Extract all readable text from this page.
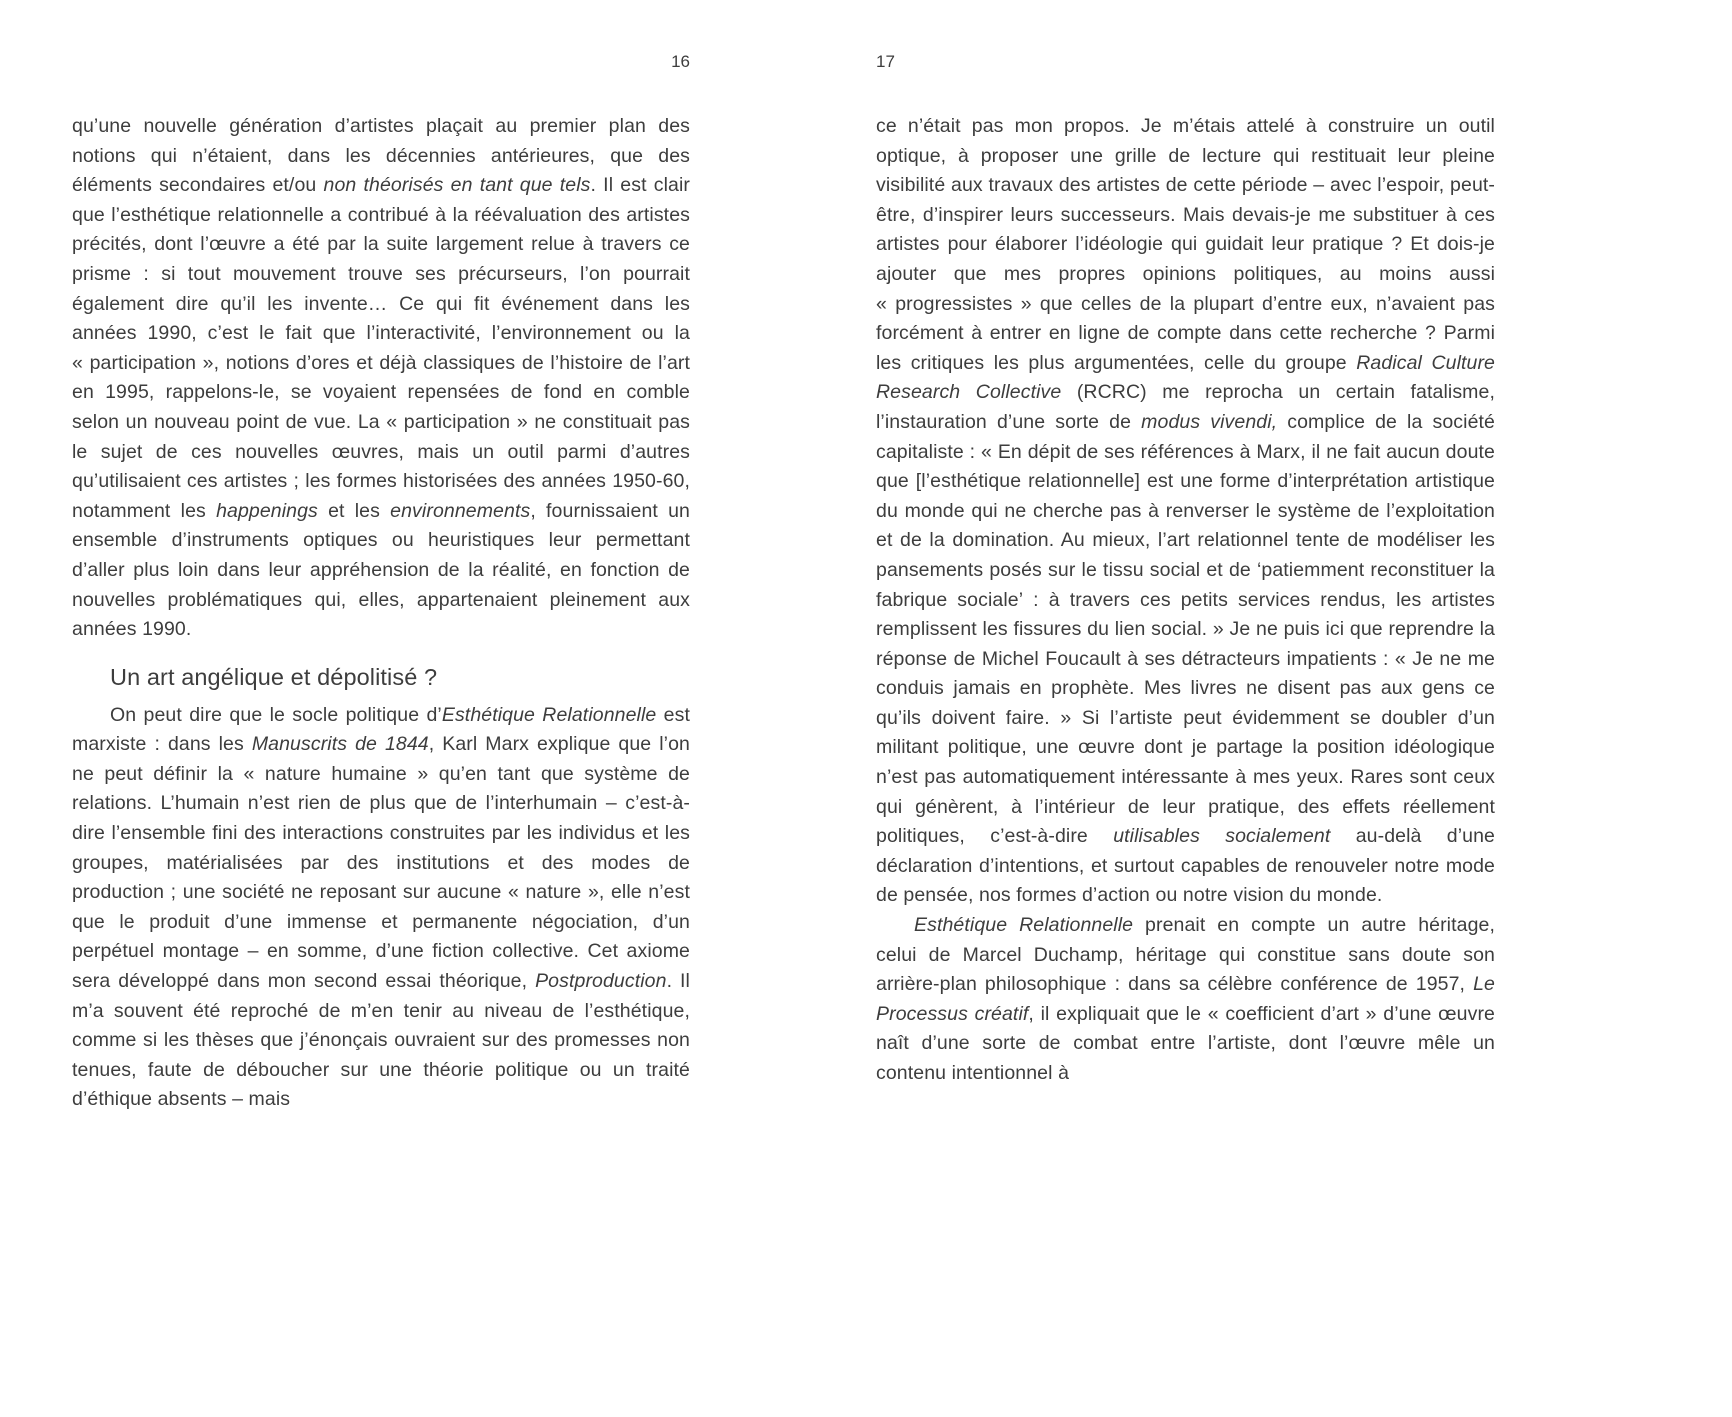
16	17

qu’une nouvelle génération d’artistes plaçait au premier plan des notions qui n’étaient, dans les décennies antérieures, que des éléments secondaires et/ou non théorisés en tant que tels. Il est clair que l’esthétique relationnelle a contribué à la réévaluation des artistes précités, dont l’œuvre a été par la suite largement relue à travers ce prisme : si tout mouvement trouve ses précurseurs, l’on pourrait également dire qu’il les invente… Ce qui fit événement dans les années 1990, c’est le fait que l’interactivité, l’environnement ou la « participation », notions d’ores et déjà classiques de l’histoire de l’art en 1995, rappelons-le, se voyaient repensées de fond en comble selon un nouveau point de vue. La « participation » ne constituait pas le sujet de ces nouvelles œuvres, mais un outil parmi d’autres qu’utilisaient ces artistes ; les formes historisées des années 1950-60, notamment les happenings et les environnements, fournissaient un ensemble d’instruments optiques ou heuristiques leur permettant d’aller plus loin dans leur appréhension de la réalité, en fonction de nouvelles problématiques qui, elles, appartenaient pleinement aux années 1990.

Un art angélique et dépolitisé ?

On peut dire que le socle politique d’Esthétique Relationnelle est marxiste : dans les Manuscrits de 1844, Karl Marx explique que l’on ne peut définir la « nature humaine » qu’en tant que système de relations. L’humain n’est rien de plus que de l’interhumain – c’est-à-dire l’ensemble fini des interactions construites par les individus et les groupes, matérialisées par des institutions et des modes de production ; une société ne reposant sur aucune « nature », elle n’est que le produit d’une immense et permanente négociation, d’un perpétuel montage – en somme, d’une fiction collective. Cet axiome sera développé dans mon second essai théorique, Postproduction. Il m’a souvent été reproché de m’en tenir au niveau de l’esthétique, comme si les thèses que j’énonçais ouvraient sur des promesses non tenues, faute de déboucher sur une théorie politique ou un traité d’éthique absents – mais

ce n’était pas mon propos. Je m’étais attelé à construire un outil optique, à proposer une grille de lecture qui restituait leur pleine visibilité aux travaux des artistes de cette période – avec l’espoir, peut-être, d’inspirer leurs successeurs. Mais devais-je me substituer à ces artistes pour élaborer l’idéologie qui guidait leur pratique ? Et dois-je ajouter que mes propres opinions politiques, au moins aussi « progressistes » que celles de la plupart d’entre eux, n’avaient pas forcément à entrer en ligne de compte dans cette recherche ? Parmi les critiques les plus argumentées, celle du groupe Radical Culture Research Collective (RCRC) me reprocha un certain fatalisme, l’instauration d’une sorte de modus vivendi, complice de la société capitaliste : « En dépit de ses références à Marx, il ne fait aucun doute que [l’esthétique relationnelle] est une forme d’interprétation artistique du monde qui ne cherche pas à renverser le système de l’exploitation et de la domination. Au mieux, l’art relationnel tente de modéliser les pansements posés sur le tissu social et de ‘patiemment reconstituer la fabrique sociale’ : à travers ces petits services rendus, les artistes remplissent les fissures du lien social. » Je ne puis ici que reprendre la réponse de Michel Foucault à ses détracteurs impatients : « Je ne me conduis jamais en prophète. Mes livres ne disent pas aux gens ce qu’ils doivent faire. » Si l’artiste peut évidemment se doubler d’un militant politique, une œuvre dont je partage la position idéologique n’est pas automatiquement intéressante à mes yeux. Rares sont ceux qui génèrent, à l’intérieur de leur pratique, des effets réellement politiques, c’est-à-dire utilisables socialement au-delà d’une déclaration d’intentions, et surtout capables de renouveler notre mode de pensée, nos formes d’action ou notre vision du monde.

Esthétique Relationnelle prenait en compte un autre héritage, celui de Marcel Duchamp, héritage qui constitue sans doute son arrière-plan philosophique : dans sa célèbre conférence de 1957, Le Processus créatif, il expliquait que le « coefficient d’art » d’une œuvre naît d’une sorte de combat entre l’artiste, dont l’œuvre mêle un contenu intentionnel à
